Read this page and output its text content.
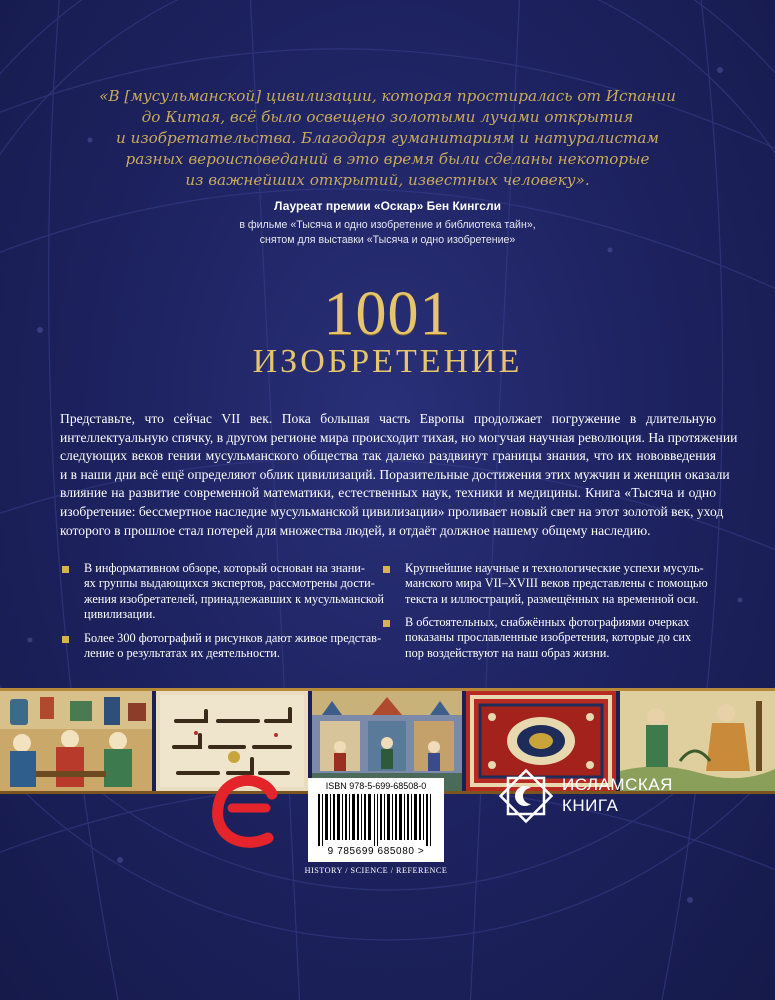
«В [мусульманской] цивилизации, которая простиралась от Испании
до Китая, всё было освещено золотыми лучами открытия
и изобретательства. Благодаря гуманитариям и натуралистам
разных вероисповеданий в это время были сделаны некоторые
из важнейших открытий, известных человеку».
Лауреат премии «Оскар» Бен Кингсли
в фильме «Тысяча и одно изобретение и библиотека тайн»,
снятом для выставки «Тысяча и одно изобретение»
1001
ИЗОБРЕТЕНИЕ
Представьте, что сейчас VII век. Пока большая часть Европы продолжает погружение в длительную
интеллектуальную спячку, в другом регионе мира происходит тихая, но могучая научная революция. На протяжении
следующих веков гении мусульманского общества так далеко раздвинут границы знания, что их нововведения
и в наши дни всё ещё определяют облик цивилизаций. Поразительные достижения этих мужчин и женщин оказали
влияние на развитие современной математики, естественных наук, техники и медицины. Книга «Тысяча и одно
изобретение: бессмертное наследие мусульманской цивилизации» проливает новый свет на этот золотой век, уход
которого в прошлое стал потерей для множества людей, и отдаёт должное нашему общему наследию.
В информативном обзоре, который основан на знани-
ях группы выдающихся экспертов, рассмотрены дости-
жения изобретателей, принадлежавших к мусульманской
цивилизации.
Более 300 фотографий и рисунков дают живое представ-
ление о результатах их деятельности.
Крупнейшие научные и технологические успехи мусуль-
манского мира VII–XVIII веков представлены с помощью
текста и иллюстраций, размещённых на временной оси.
В обстоятельных, снабжённых фотографиями очерках
показаны прославленные изобретения, которые до сих
пор воздействуют на наш образ жизни.
ISBN 978-5-699-68508-0
9 785699 685080 >
HISTORY / SCIENCE / REFERENCE
ИСЛАМСКАЯ
КНИГА
